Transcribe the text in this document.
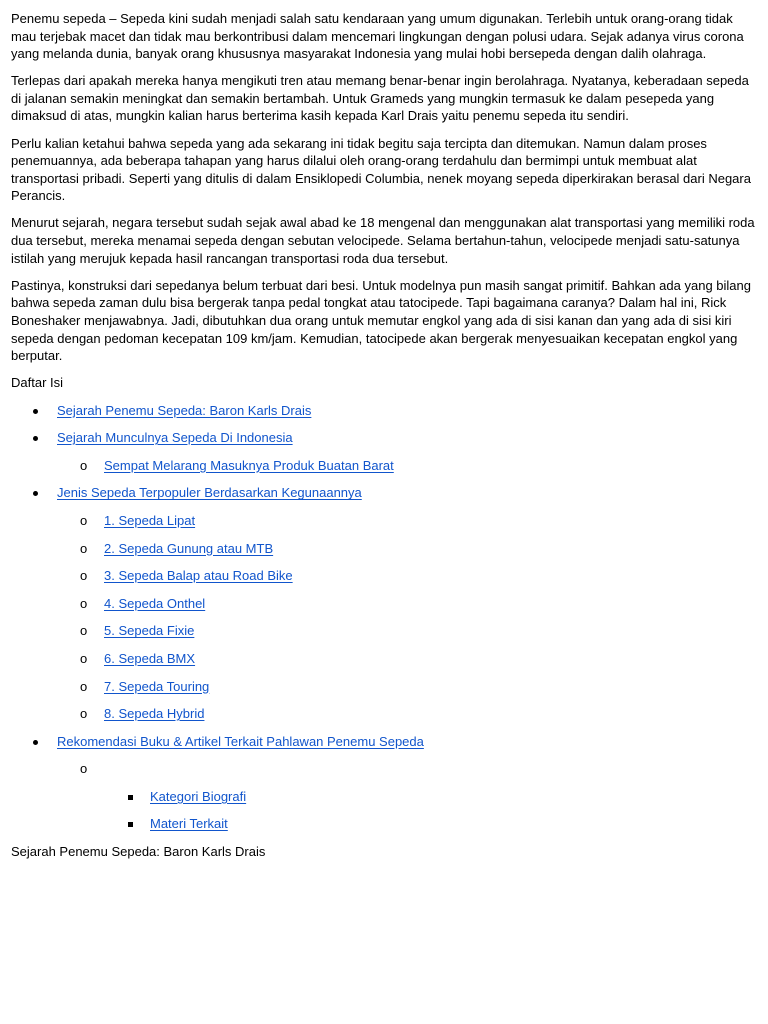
Penemu sepeda – Sepeda kini sudah menjadi salah satu kendaraan yang umum digunakan. Terlebih untuk orang-orang tidak mau terjebak macet dan tidak mau berkontribusi dalam mencemari lingkungan dengan polusi udara. Sejak adanya virus corona yang melanda dunia, banyak orang khususnya masyarakat Indonesia yang mulai hobi bersepeda dengan dalih olahraga.

Terlepas dari apakah mereka hanya mengikuti tren atau memang benar-benar ingin berolahraga. Nyatanya, keberadaan sepeda di jalanan semakin meningkat dan semakin bertambah. Untuk Grameds yang mungkin termasuk ke dalam pesepeda yang dimaksud di atas, mungkin kalian harus berterima kasih kepada Karl Drais yaitu penemu sepeda itu sendiri.

Perlu kalian ketahui bahwa sepeda yang ada sekarang ini tidak begitu saja tercipta dan ditemukan. Namun dalam proses penemuannya, ada beberapa tahapan yang harus dilalui oleh orang-orang terdahulu dan bermimpi untuk membuat alat transportasi pribadi. Seperti yang ditulis di dalam Ensiklopedi Columbia, nenek moyang sepeda diperkirakan berasal dari Negara Perancis.

Menurut sejarah, negara tersebut sudah sejak awal abad ke 18 mengenal dan menggunakan alat transportasi yang memiliki roda dua tersebut, mereka menamai sepeda dengan sebutan velocipede. Selama bertahun-tahun, velocipede menjadi satu-satunya istilah yang merujuk kepada hasil rancangan transportasi roda dua tersebut.

Pastinya, konstruksi dari sepedanya belum terbuat dari besi. Untuk modelnya pun masih sangat primitif. Bahkan ada yang bilang bahwa sepeda zaman dulu bisa bergerak tanpa pedal tongkat atau tatocipede. Tapi bagaimana caranya? Dalam hal ini, Rick Boneshaker menjawabnya. Jadi, dibutuhkan dua orang untuk memutar engkol yang ada di sisi kanan dan yang ada di sisi kiri sepeda dengan pedoman kecepatan 109 km/jam. Kemudian, tatocipede akan bergerak menyesuaikan kecepatan engkol yang berputar.

Daftar Isi
Sejarah Penemu Sepeda: Baron Karls Drais
Sejarah Munculnya Sepeda Di Indonesia
o Sempat Melarang Masuknya Produk Buatan Barat
Jenis Sepeda Terpopuler Berdasarkan Kegunaannya
o 1. Sepeda Lipat
o 2. Sepeda Gunung atau MTB
o 3. Sepeda Balap atau Road Bike
o 4. Sepeda Onthel
o 5. Sepeda Fixie
o 6. Sepeda BMX
o 7. Sepeda Touring
o 8. Sepeda Hybrid
Rekomendasi Buku & Artikel Terkait Pahlawan Penemu Sepeda
o
Kategori Biografi
Materi Terkait
Sejarah Penemu Sepeda: Baron Karls Drais
